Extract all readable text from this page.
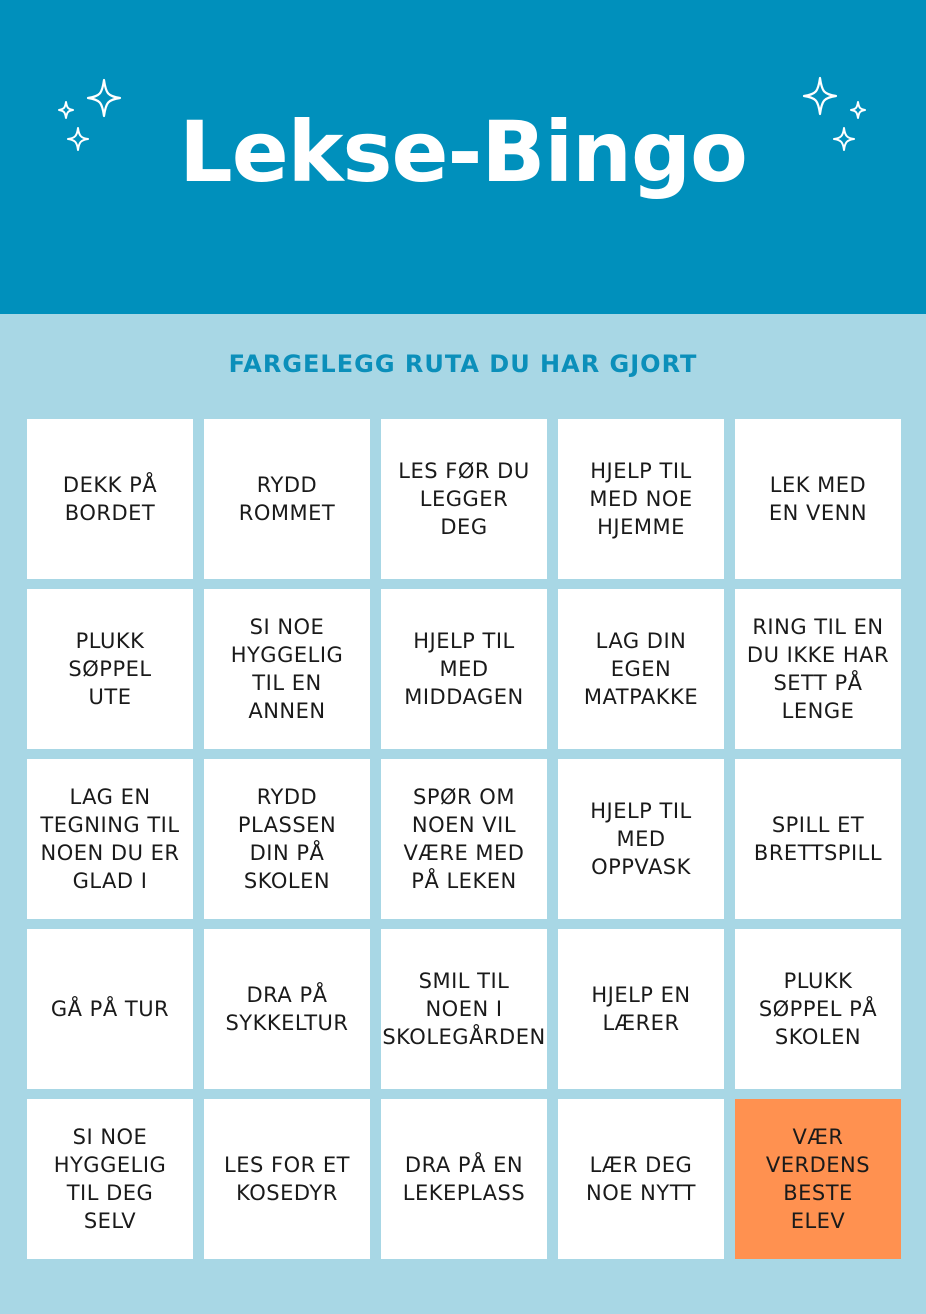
Lekse-Bingo
FARGELEGG RUTA DU HAR GJORT
DEKK PÅ
BORDET
RYDD
ROMMET
LES FØR DU
LEGGER
DEG
HJELP TIL
MED NOE
HJEMME
LEK MED
EN VENN
PLUKK
SØPPEL
UTE
SI NOE
HYGGELIG
TIL EN
ANNEN
HJELP TIL
MED
MIDDAGEN
LAG DIN
EGEN
MATPAKKE
RING TIL EN
DU IKKE HAR
SETT PÅ
LENGE
LAG EN
TEGNING TIL
NOEN DU ER
GLAD I
RYDD
PLASSEN
DIN PÅ
SKOLEN
SPØR OM
NOEN VIL
VÆRE MED
PÅ LEKEN
HJELP TIL
MED
OPPVASK
SPILL ET
BRETTSPILL
GÅ PÅ TUR
DRA PÅ
SYKKELTUR
SMIL TIL
NOEN I
SKOLEGÅRDEN
HJELP EN
LÆRER
PLUKK
SØPPEL PÅ
SKOLEN
SI NOE
HYGGELIG
TIL DEG
SELV
LES FOR ET
KOSEDYR
DRA PÅ EN
LEKEPLASS
LÆR DEG
NOE NYTT
VÆR
VERDENS
BESTE
ELEV
